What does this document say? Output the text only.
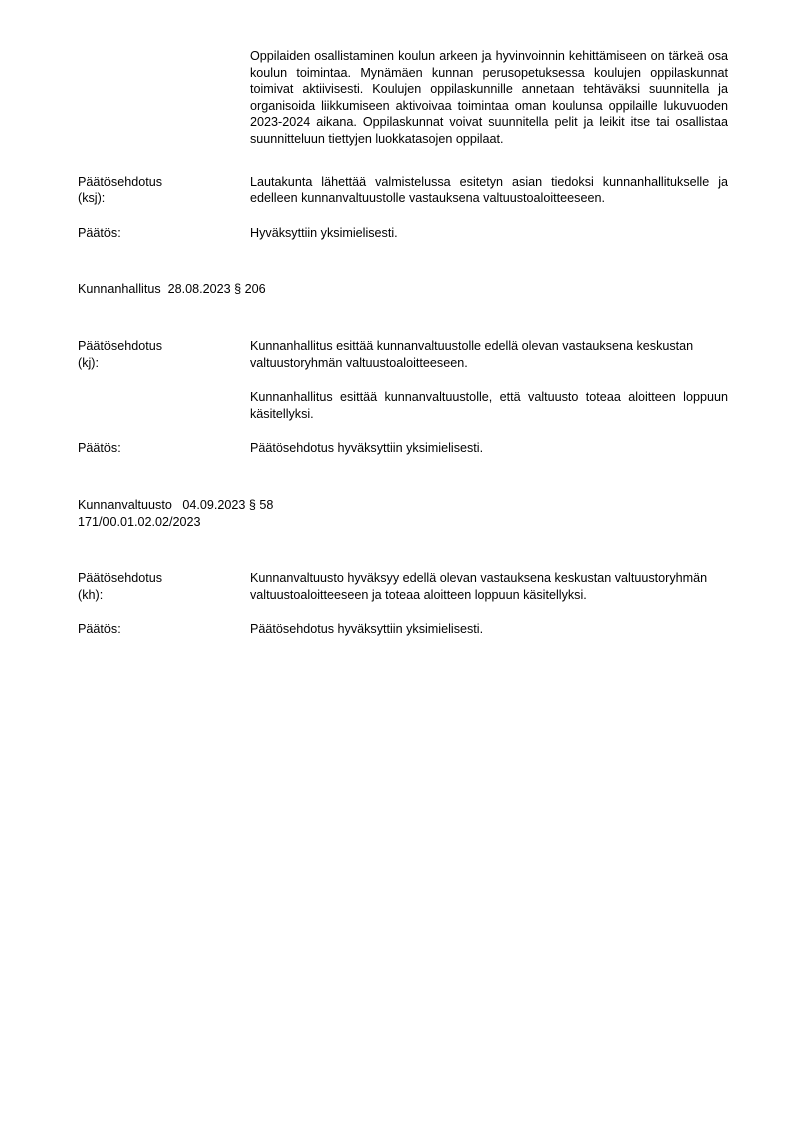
Oppilaiden osallistaminen koulun arkeen ja hyvinvoinnin kehittämiseen on tärkeä osa koulun toimintaa. Mynämäen kunnan perusopetuksessa koulujen oppilaskunnat toimivat aktiivisesti. Koulujen oppilaskunnille annetaan tehtäväksi suunnitella ja organisoida liikkumiseen aktivoivaa toimintaa oman koulunsa oppilaille lukuvuoden 2023-2024 aikana. Oppilaskunnat voivat suunnitella pelit ja leikit itse tai osallistaa suunnitteluun tiettyjen luokkatasojen oppilaat.
Päätösehdotus
(ksj):
Lautakunta lähettää valmistelussa esitetyn asian tiedoksi kunnanhallitukselle ja edelleen kunnanvaltuustolle vastauksena valtuustoaloitteeseen.
Päätös:	Hyväksyttiin yksimielisesti.
Kunnanhallitus  28.08.2023 § 206
Päätösehdotus
(kj):
Kunnanhallitus esittää kunnanvaltuustolle edellä olevan vastauksena keskustan valtuustoryhmän valtuustoaloitteeseen.
Kunnanhallitus esittää kunnanvaltuustolle, että valtuusto toteaa aloitteen loppuun käsitellyksi.
Päätös:	Päätösehdotus hyväksyttiin yksimielisesti.
Kunnanvaltuusto   04.09.2023 § 58
171/00.01.02.02/2023
Päätösehdotus
(kh):
Kunnanvaltuusto hyväksyy edellä olevan vastauksena keskustan valtuustoryhmän valtuustoaloitteeseen ja toteaa aloitteen loppuun käsitellyksi.
Päätös:	Päätösehdotus hyväksyttiin yksimielisesti.
